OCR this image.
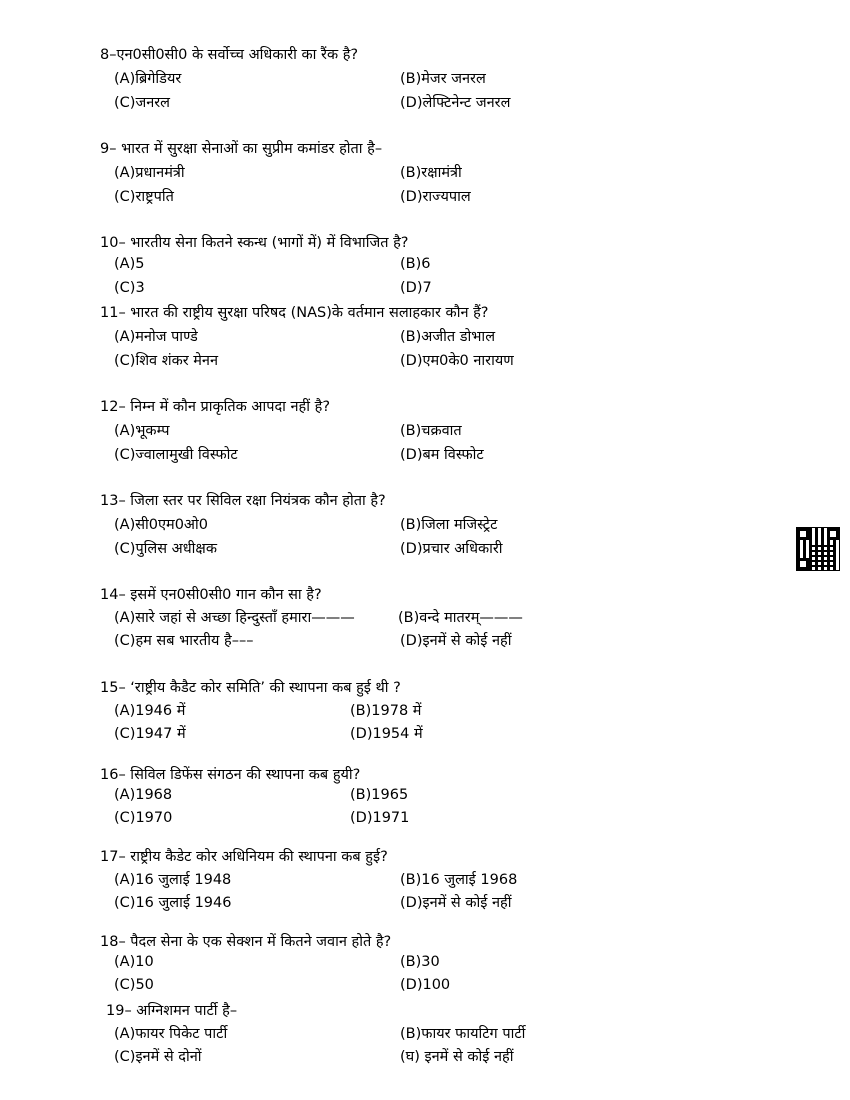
8–एन0सी0सी0 के सर्वोच्च अधिकारी का रैंक है?
(A)ब्रिगेडियर	(B)मेजर जनरल
(C)जनरल	(D)लेफ्टिनेन्ट जनरल
9– भारत में सुरक्षा सेनाओं का सुप्रीम कमांडर होता है–
(A)प्रधानमंत्री	(B)रक्षामंत्री
(C)राष्ट्रपति	(D)राज्यपाल
10– भारतीय सेना कितने स्कन्ध (भागों में) में विभाजित है?
(A)5	(B)6
(C)3	(D)7
11– भारत की राष्ट्रीय सुरक्षा परिषद (NAS)के वर्तमान सलाहकार कौन हैं?
(A)मनोज पाण्डे	(B)अजीत डोभाल
(C)शिव शंकर मेनन	(D)एम0के0 नारायण
12– निम्न में कौन प्राकृतिक आपदा नहीं है?
(A)भूकम्प	(B)चक्रवात
(C)ज्वालामुखी विस्फोट	(D)बम विस्फोट
13– जिला स्तर पर सिविल रक्षा नियंत्रक कौन होता है?
(A)सी0एम0ओ0	(B)जिला मजिस्ट्रेट
(C)पुलिस अधीक्षक	(D)प्रचार अधिकारी
14– इसमें एन0सी0सी0 गान कौन सा है?
(A)सारे जहां से अच्छा हिन्दुस्ताँ हमारा———	(B)वन्दे मातरम्———
(C)हम सब भारतीय है–––	(D)इनमें से कोई नहीं
15– ‘राष्ट्रीय कैडैट कोर समिति’ की स्थापना कब हुई थी ?
(A)1946 में	(B)1978 में
(C)1947 में	(D)1954 में
16– सिविल डिफेंस संगठन की स्थापना कब हुयी?
(A)1968	(B)1965
(C)1970	(D)1971
17– राष्ट्रीय कैडेट कोर अधिनियम की स्थापना कब हुई?
(A)16 जुलाई 1948	(B)16 जुलाई 1968
(C)16 जुलाई 1946	(D)इनमें से कोई नहीं
18– पैदल सेना के एक सेक्शन में कितने जवान होते है?
(A)10	(B)30
(C)50	(D)100
19– अग्निशमन पार्टी है–
(A)फायर पिकेट पार्टी	(B)फायर फायटिग पार्टी
(C)इनमें से दोनों	(घ) इनमें से कोई नहीं
